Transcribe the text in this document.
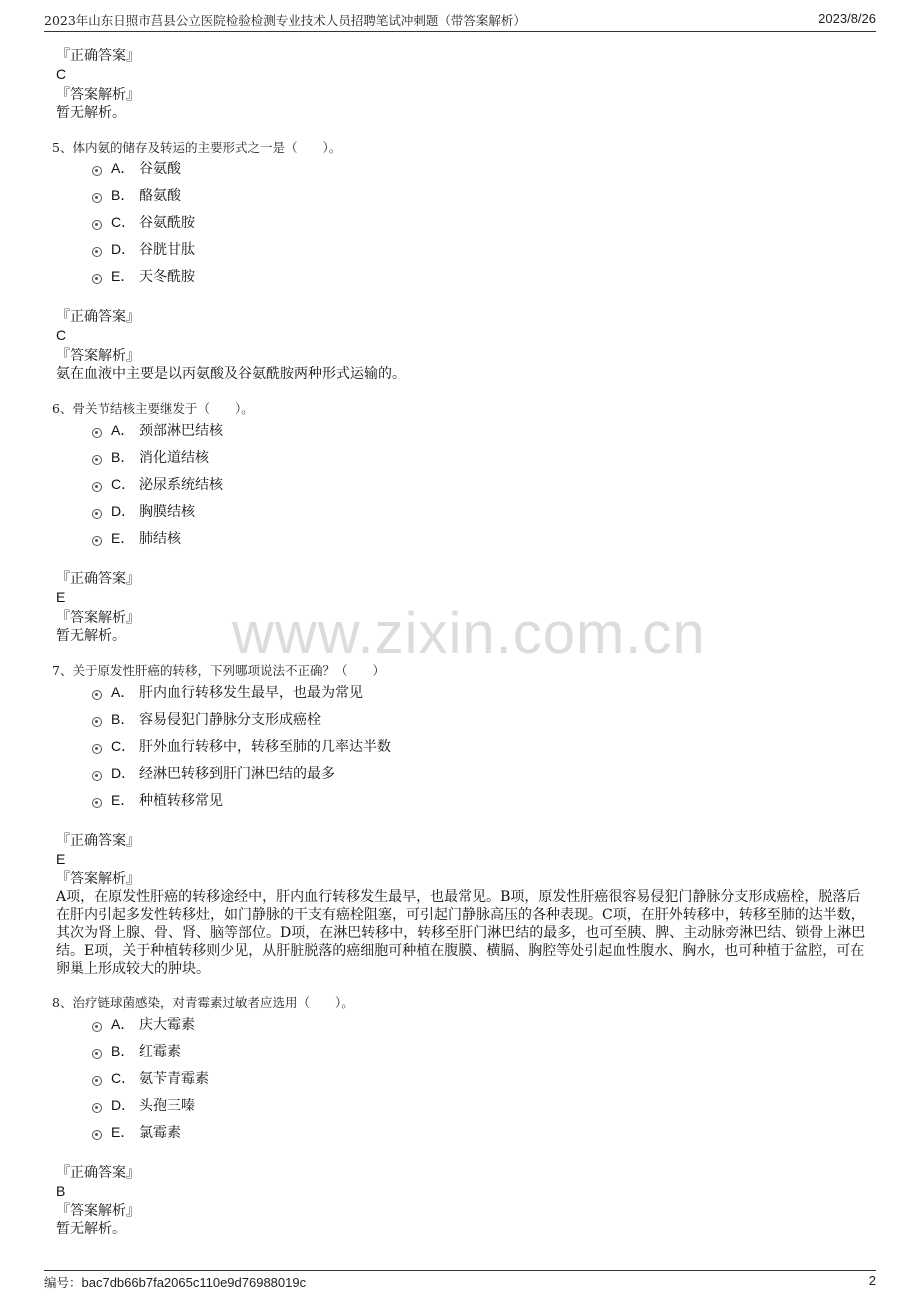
2023年山东日照市莒县公立医院检验检测专业技术人员招聘笔试冲刺题（带答案解析）	2023/8/26
www.zixin.com.cn
『正确答案』
C
『答案解析』
暂无解析。
5、体内氨的储存及转运的主要形式之一是（　　）。
A． 谷氨酸
B． 酪氨酸
C． 谷氨酰胺
D． 谷胱甘肽
E． 天冬酰胺
『正确答案』
C
『答案解析』
氨在血液中主要是以丙氨酸及谷氨酰胺两种形式运输的。
6、骨关节结核主要继发于（　　）。
A． 颈部淋巴结核
B． 消化道结核
C． 泌尿系统结核
D． 胸膜结核
E． 肺结核
『正确答案』
E
『答案解析』
暂无解析。
7、关于原发性肝癌的转移，下列哪项说法不正确？（　　）
A． 肝内血行转移发生最早，也最为常见
B． 容易侵犯门静脉分支形成癌栓
C． 肝外血行转移中，转移至肺的几率达半数
D． 经淋巴转移到肝门淋巴结的最多
E． 种植转移常见
『正确答案』
E
『答案解析』
A项，在原发性肝癌的转移途经中，肝内血行转移发生最早，也最常见。B项，原发性肝癌很容易侵犯门静脉分支形成癌栓，脱落后在肝内引起多发性转移灶，如门静脉的干支有癌栓阻塞，可引起门静脉高压的各种表现。C项，在肝外转移中，转移至肺的达半数，其次为肾上腺、骨、肾、脑等部位。D项，在淋巴转移中，转移至肝门淋巴结的最多，也可至胰、脾、主动脉旁淋巴结、锁骨上淋巴结。E项，关于种植转移则少见，从肝脏脱落的癌细胞可种植在腹膜、横膈、胸腔等处引起血性腹水、胸水，也可种植于盆腔，可在卵巢上形成较大的肿块。
8、治疗链球菌感染，对青霉素过敏者应选用（　　）。
A． 庆大霉素
B． 红霉素
C． 氨苄青霉素
D． 头孢三嗪
E． 氯霉素
『正确答案』
B
『答案解析』
暂无解析。
编号：bac7db66b7fa2065c110e9d76988019c	2
